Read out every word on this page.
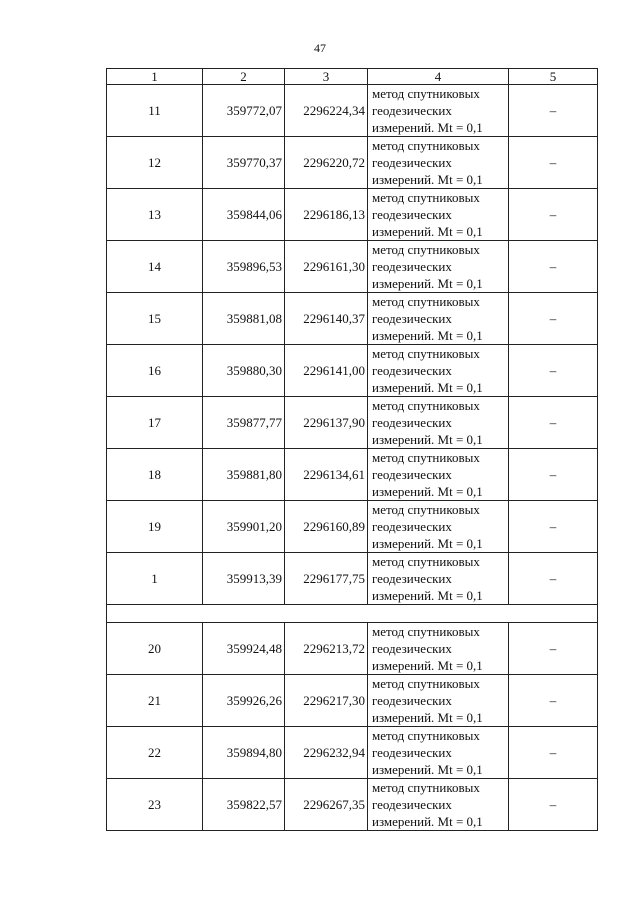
47
1	2	3	4	5
11	359772,07	2296224,34	метод спутниковых
геодезических
измерений. Mt = 0,1	–
12	359770,37	2296220,72	метод спутниковых
геодезических
измерений. Mt = 0,1	–
13	359844,06	2296186,13	метод спутниковых
геодезических
измерений. Mt = 0,1	–
14	359896,53	2296161,30	метод спутниковых
геодезических
измерений. Mt = 0,1	–
15	359881,08	2296140,37	метод спутниковых
геодезических
измерений. Mt = 0,1	–
16	359880,30	2296141,00	метод спутниковых
геодезических
измерений. Mt = 0,1	–
17	359877,77	2296137,90	метод спутниковых
геодезических
измерений. Mt = 0,1	–
18	359881,80	2296134,61	метод спутниковых
геодезических
измерений. Mt = 0,1	–
19	359901,20	2296160,89	метод спутниковых
геодезических
измерений. Mt = 0,1	–
1	359913,39	2296177,75	метод спутниковых
геодезических
измерений. Mt = 0,1	–

20	359924,48	2296213,72	метод спутниковых
геодезических
измерений. Mt = 0,1	–
21	359926,26	2296217,30	метод спутниковых
геодезических
измерений. Mt = 0,1	–
22	359894,80	2296232,94	метод спутниковых
геодезических
измерений. Mt = 0,1	–
23	359822,57	2296267,35	метод спутниковых
геодезических
измерений. Mt = 0,1	–
